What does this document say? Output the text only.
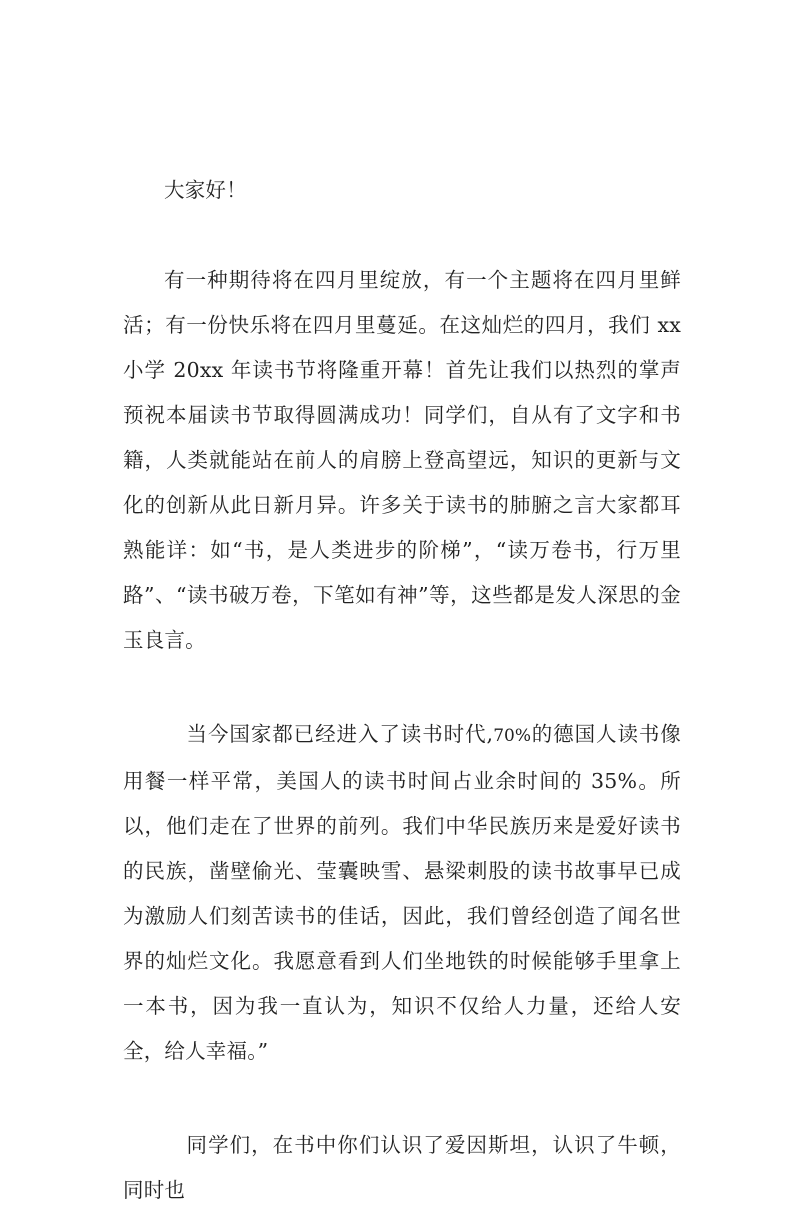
大家好！

有一种期待将在四月里绽放，有一个主题将在四月里鲜活；有一份快乐将在四月里蔓延。在这灿烂的四月，我们 xx 小学 20xx 年读书节将隆重开幕！首先让我们以热烈的掌声预祝本届读书节取得圆满成功！同学们，自从有了文字和书籍，人类就能站在前人的肩膀上登高望远，知识的更新与文化的创新从此日新月异。许多关于读书的肺腑之言大家都耳熟能详：如“书，是人类进步的阶梯”，“读万卷书，行万里路”、“读书破万卷，下笔如有神”等，这些都是发人深思的金玉良言。

当今国家都已经进入了读书时代,70%的德国人读书像用餐一样平常，美国人的读书时间占业余时间的 35%。所以，他们走在了世界的前列。我们中华民族历来是爱好读书的民族，凿壁偷光、莹囊映雪、悬梁刺股的读书故事早已成为激励人们刻苦读书的佳话，因此，我们曾经创造了闻名世界的灿烂文化。我愿意看到人们坐地铁的时候能够手里拿上一本书，因为我一直认为，知识不仅给人力量，还给人安全，给人幸福。”

同学们，在书中你们认识了爱因斯坦，认识了牛顿，同时也
